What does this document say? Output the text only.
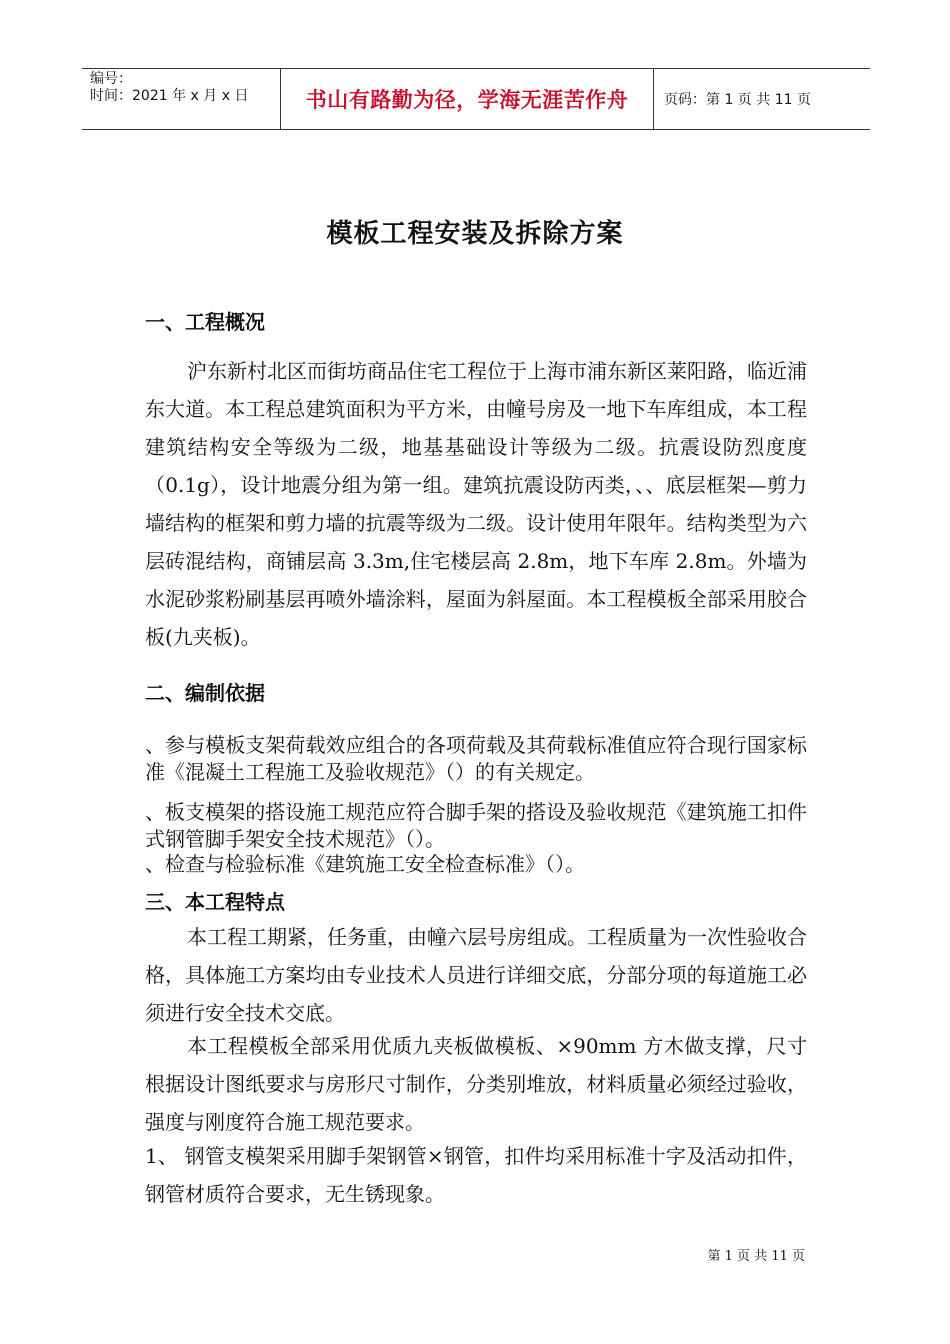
编号：
时间：2021 年 x 月 x 日	书山有路勤为径，学海无涯苦作舟	页码：第 1 页 共 11 页
模板工程安装及拆除方案
一、工程概况
沪东新村北区而街坊商品住宅工程位于上海市浦东新区莱阳路，临近浦东大道。本工程总建筑面积为平方米，由幢号房及一地下车库组成，本工程建筑结构安全等级为二级，地基基础设计等级为二级。抗震设防烈度度（0.1g），设计地震分组为第一组。建筑抗震设防丙类，、、底层框架—剪力墙结构的框架和剪力墙的抗震等级为二级。设计使用年限年。结构类型为六层砖混结构，商铺层高 3.3m,住宅楼层高 2.8m，地下车库 2.8m。外墙为水泥砂浆粉刷基层再喷外墙涂料，屋面为斜屋面。本工程模板全部采用胶合板(九夹板)。
二、编制依据
、参与模板支架荷载效应组合的各项荷载及其荷载标准值应符合现行国家标准《混凝土工程施工及验收规范》（）的有关规定。
、板支模架的搭设施工规范应符合脚手架的搭设及验收规范《建筑施工扣件式钢管脚手架安全技术规范》（）。
、检查与检验标准《建筑施工安全检查标准》（）。
三、本工程特点
本工程工期紧，任务重，由幢六层号房组成。工程质量为一次性验收合格，具体施工方案均由专业技术人员进行详细交底，分部分项的每道施工必须进行安全技术交底。
本工程模板全部采用优质九夹板做模板、×90mm 方木做支撑，尺寸根据设计图纸要求与房形尺寸制作，分类别堆放，材料质量必须经过验收，强度与刚度符合施工规范要求。
1、 钢管支模架采用脚手架钢管×钢管，扣件均采用标准十字及活动扣件，钢管材质符合要求，无生锈现象。
第 1 页 共 11 页
